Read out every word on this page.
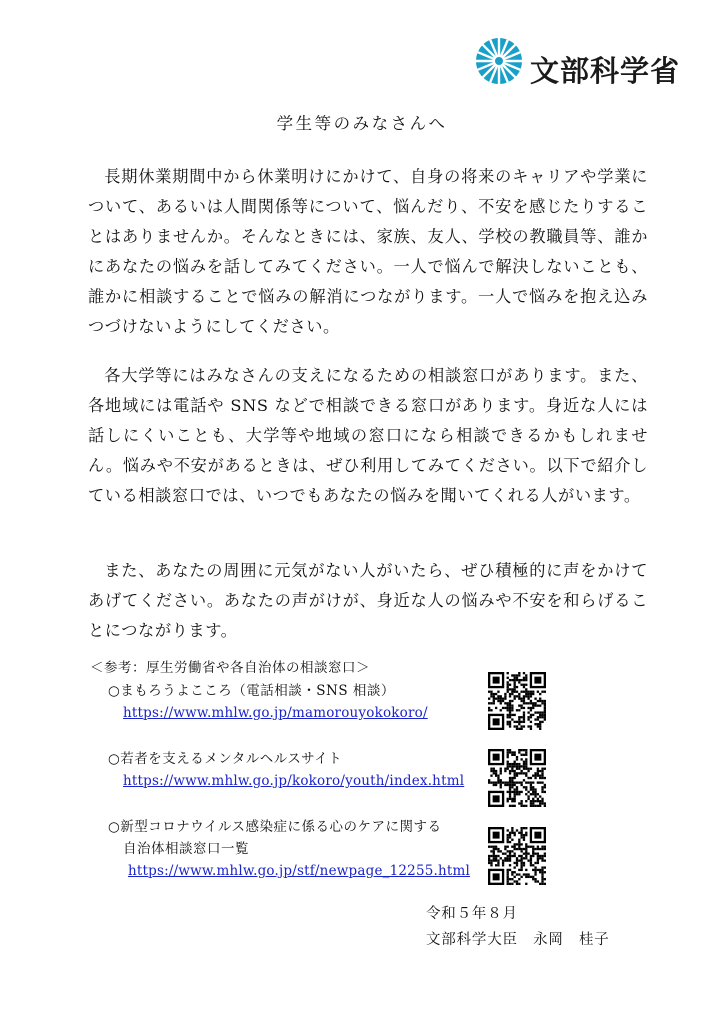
文部科学省
学生等のみなさんへ

長期休業期間中から休業明けにかけて、自身の将来のキャリアや学業について、あるいは人間関係等について、悩んだり、不安を感じたりすることはありませんか。そんなときには、家族、友人、学校の教職員等、誰かにあなたの悩みを話してみてください。一人で悩んで解決しないことも、誰かに相談することで悩みの解消につながります。一人で悩みを抱え込みつづけないようにしてください。

各大学等にはみなさんの支えになるための相談窓口があります。また、各地域には電話や SNS などで相談できる窓口があります。身近な人には話しにくいことも、大学等や地域の窓口になら相談できるかもしれません。悩みや不安があるときは、ぜひ利用してみてください。以下で紹介している相談窓口では、いつでもあなたの悩みを聞いてくれる人がいます。

また、あなたの周囲に元気がない人がいたら、ぜひ積極的に声をかけてあげてください。あなたの声がけが、身近な人の悩みや不安を和らげることにつながります。

＜参考：厚生労働省や各自治体の相談窓口＞
○まもろうよこころ（電話相談・SNS 相談）
https://www.mhlw.go.jp/mamorouyokokoro/
○若者を支えるメンタルヘルスサイト
https://www.mhlw.go.jp/kokoro/youth/index.html
○新型コロナウイルス感染症に係る心のケアに関する
自治体相談窓口一覧
https://www.mhlw.go.jp/stf/newpage_12255.html
令和５年８月
文部科学大臣　永岡　桂子
